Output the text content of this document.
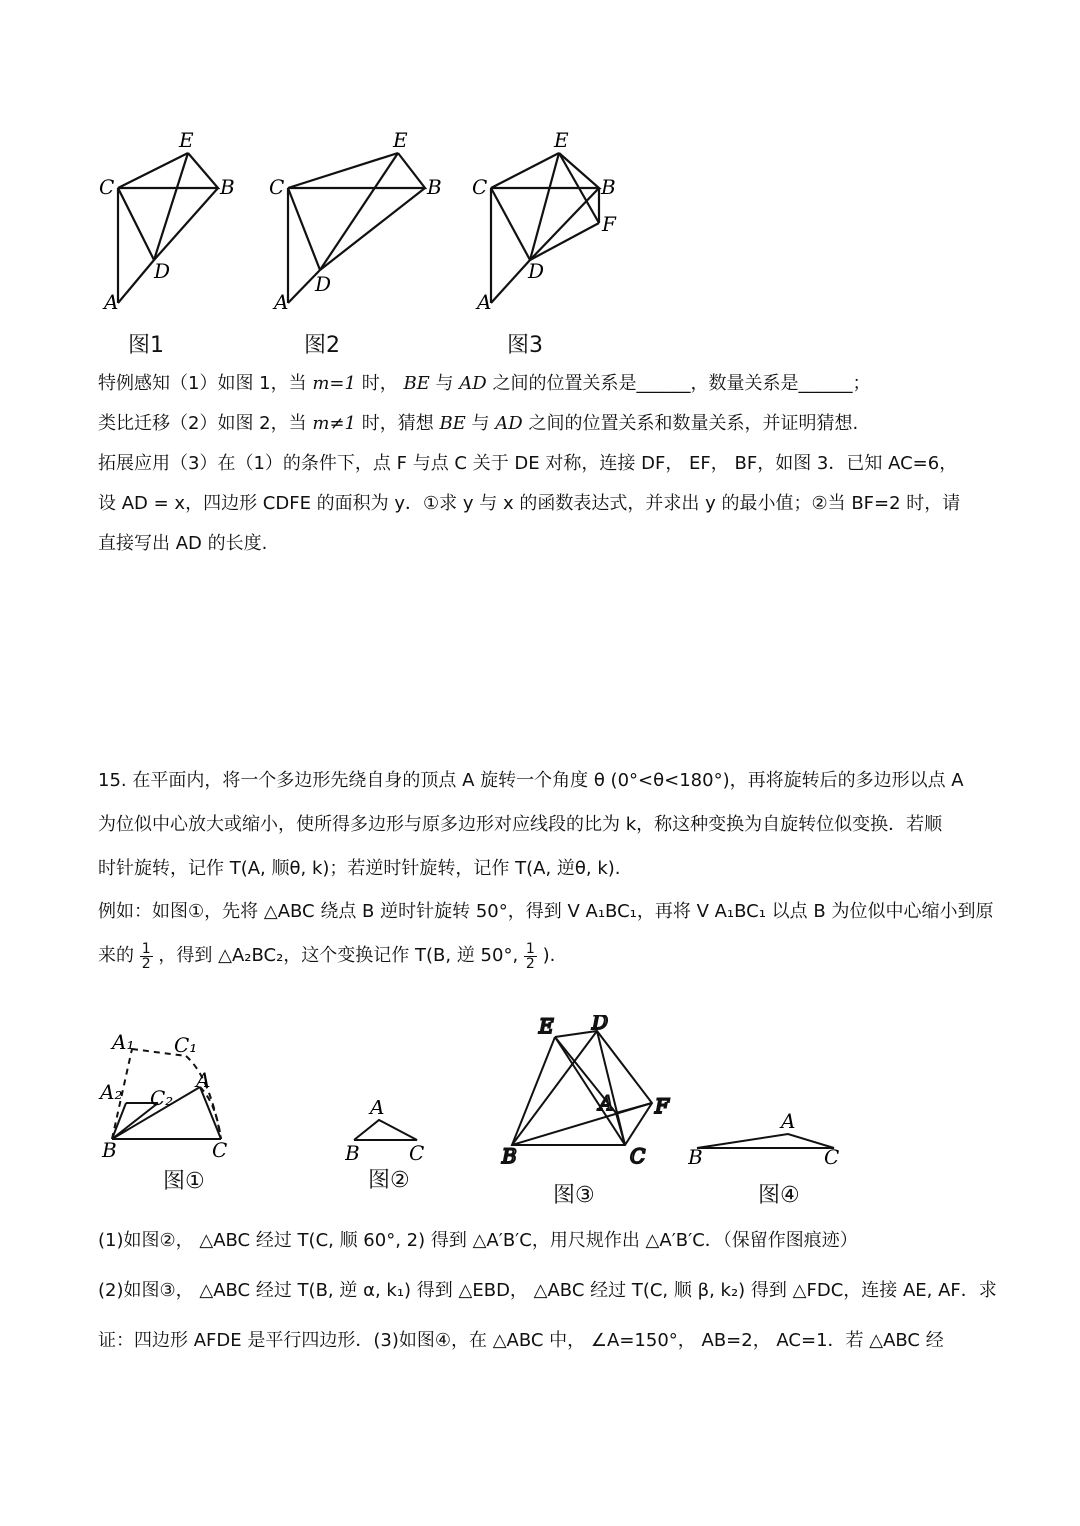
E
C	B
D
A
图1
E
C	B
D
A
图2
E
C	B
F
D
A
图3
特例感知（1）如图 1，当 m=1 时， BE 与 AD 之间的位置关系是______，数量关系是______；
类比迁移（2）如图 2，当 m≠1 时，猜想 BE 与 AD 之间的位置关系和数量关系，并证明猜想.
拓展应用（3）在（1）的条件下，点 F 与点 C 关于 DE 对称，连接 DF， EF， BF，如图 3．已知 AC=6，
设 AD = x，四边形 CDFE 的面积为 y．①求 y 与 x 的函数表达式，并求出 y 的最小值；②当 BF=2 时，请
直接写出 AD 的长度.
15. 在平面内，将一个多边形先绕自身的顶点 A 旋转一个角度 θ (0°<θ<180°)，再将旋转后的多边形以点 A
为位似中心放大或缩小，使所得多边形与原多边形对应线段的比为 k，称这种变换为自旋转位似变换．若顺
时针旋转，记作 T(A, 顺θ, k)；若逆时针旋转，记作 T(A, 逆θ, k).
例如：如图①，先将 △ABC 绕点 B 逆时针旋转 50°，得到 V A₁BC₁，再将 V A₁BC₁ 以点 B 为位似中心缩小到原
来的 $\frac{1}{2}$ ，得到 △A₂BC₂，这个变换记作 T(B, 逆 50°, $\frac{1}{2}$ ).
A₁ C₁
A₂ C₂
A
B	C
图①
A
B C
图②
E D
A F
B	C
图③
A
B	C
图④
(1)如图②， △ABC 经过 T(C, 顺 60°, 2) 得到 △A′B′C，用尺规作出 △A′B′C．（保留作图痕迹）
(2)如图③， △ABC 经过 T(B, 逆 α, k₁) 得到 △EBD， △ABC 经过 T(C, 顺 β, k₂) 得到 △FDC，连接 AE, AF．求
证：四边形 AFDE 是平行四边形．(3)如图④，在 △ABC 中， ∠A=150°， AB=2， AC=1．若 △ABC 经
